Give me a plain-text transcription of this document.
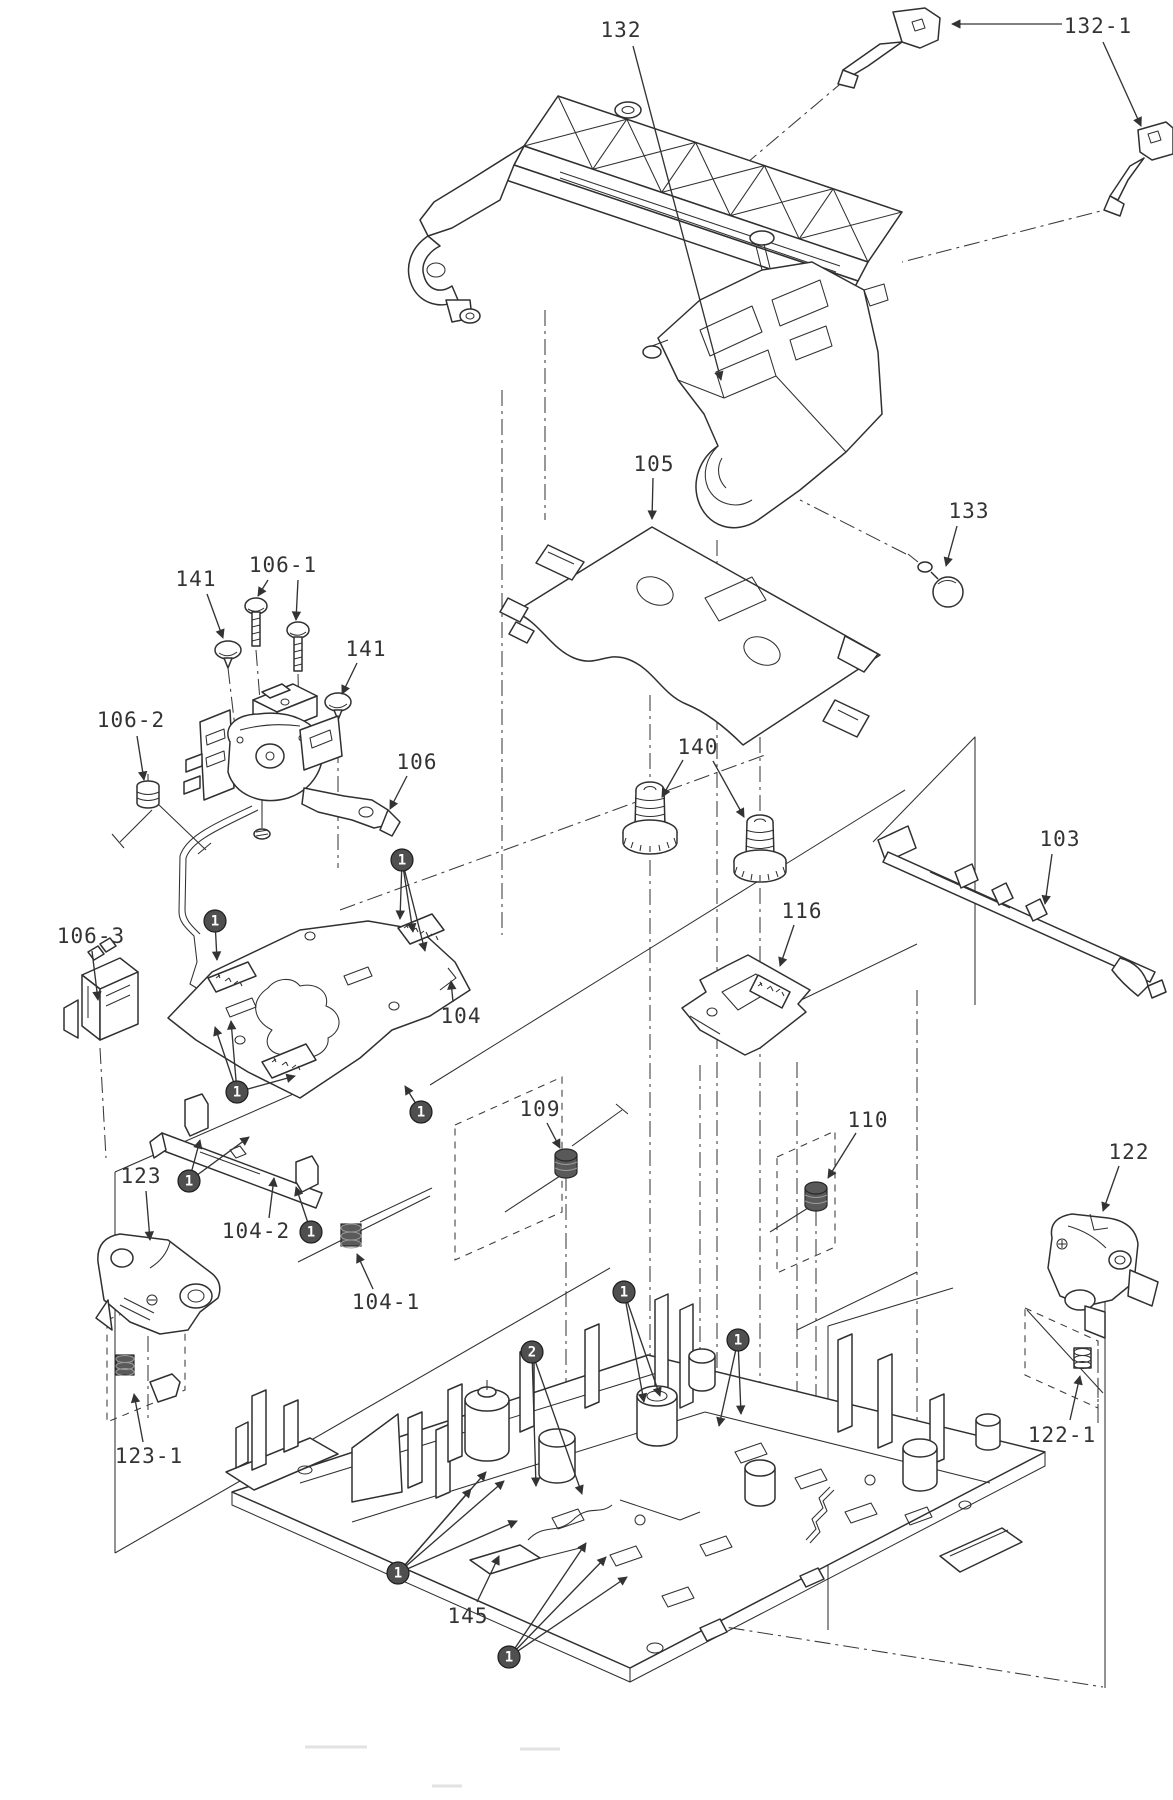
1
1
1
1
1
1
2
1
1
1
1
132	132-1
105
133
141
106-1
141
106-2
106
106-3
104
140
116
103
109	110
122
123
104-2
104-1
123-1
122-1
145
